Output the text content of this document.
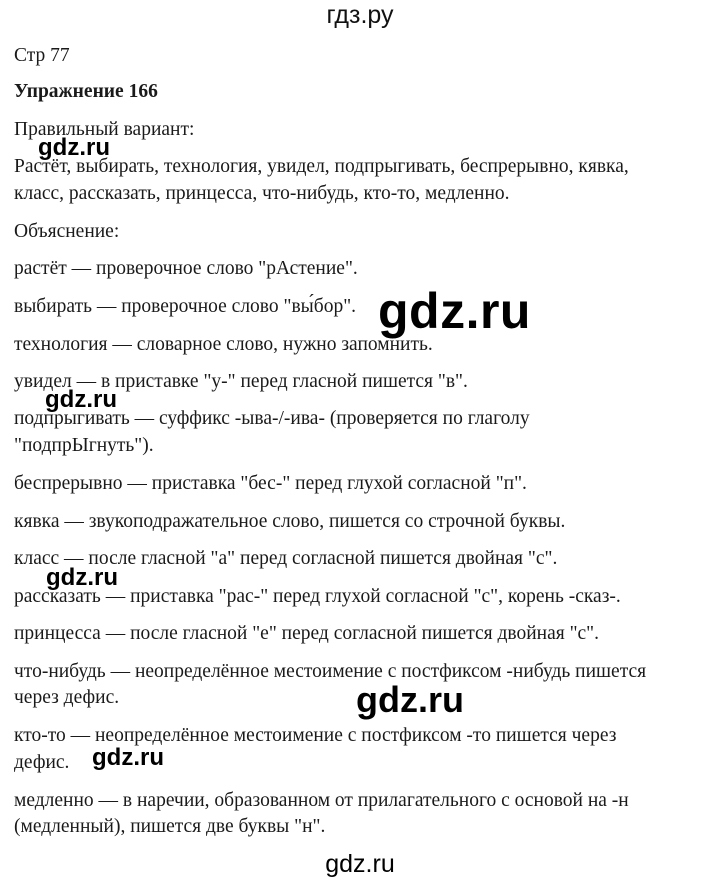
гдз.ру
Стр 77
Упражнение 166
Правильный вариант:
Растёт, выбирать, технология, увидел, подпрыгивать, беспрерывно, кявка,
класс, рассказать, принцесса, что-нибудь, кто-то, медленно.
Объяснение:
растёт — проверочное слово "рАстение".
выбирать — проверочное слово "вы́бор".
технология — словарное слово, нужно запомнить.
увидел — в приставке "у-" перед гласной пишется "в".
подпрыгивать — суффикс -ыва-/-ива- (проверяется по глаголу
"подпрЫгнуть").
беспрерывно — приставка "бес-" перед глухой согласной "п".
кявка — звукоподражательное слово, пишется со строчной буквы.
класс — после гласной "а" перед согласной пишется двойная "с".
рассказать — приставка "рас-" перед глухой согласной "с", корень -сказ-.
принцесса — после гласной "е" перед согласной пишется двойная "с".
что-нибудь — неопределённое местоимение с постфиксом -нибудь пишется
через дефис.
кто-то — неопределённое местоимение с постфиксом -то пишется через
дефис.
медленно — в наречии, образованном от прилагательного с основой на -н
(медленный), пишется две буквы "н".
gdz.ru
gdz.ru
gdz.ru
gdz.ru
gdz.ru
gdz.ru
gdz.ru
